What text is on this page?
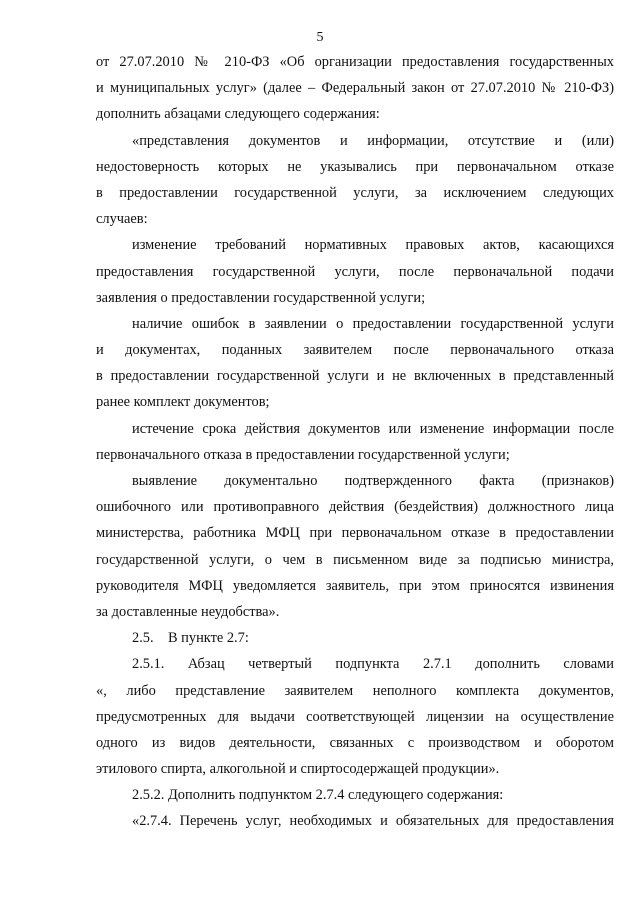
5
от 27.07.2010 № 210-ФЗ «Об организации предоставления государственных
и муниципальных услуг» (далее – Федеральный закон от 27.07.2010 № 210-ФЗ)
дополнить абзацами следующего содержания:
«представления документов и информации, отсутствие и (или)
недостоверность которых не указывались при первоначальном отказе
в предоставлении государственной услуги, за исключением следующих
случаев:
изменение требований нормативных правовых актов, касающихся
предоставления государственной услуги, после первоначальной подачи
заявления о предоставлении государственной услуги;
наличие ошибок в заявлении о предоставлении государственной услуги
и документах, поданных заявителем после первоначального отказа
в предоставлении государственной услуги и не включенных в представленный
ранее комплект документов;
истечение срока действия документов или изменение информации после
первоначального отказа в предоставлении государственной услуги;
выявление документально подтвержденного факта (признаков)
ошибочного или противоправного действия (бездействия) должностного лица
министерства, работника МФЦ при первоначальном отказе в предоставлении
государственной услуги, о чем в письменном виде за подписью министра,
руководителя МФЦ уведомляется заявитель, при этом приносятся извинения
за доставленные неудобства».
2.5.    В пункте 2.7:
2.5.1. Абзац четвертый подпункта 2.7.1 дополнить словами
«, либо представление заявителем неполного комплекта документов,
предусмотренных для выдачи соответствующей лицензии на осуществление
одного из видов деятельности, связанных с производством и оборотом
этилового спирта, алкогольной и спиртосодержащей продукции».
2.5.2. Дополнить подпунктом 2.7.4 следующего содержания:
«2.7.4. Перечень услуг, необходимых и обязательных для предоставления
